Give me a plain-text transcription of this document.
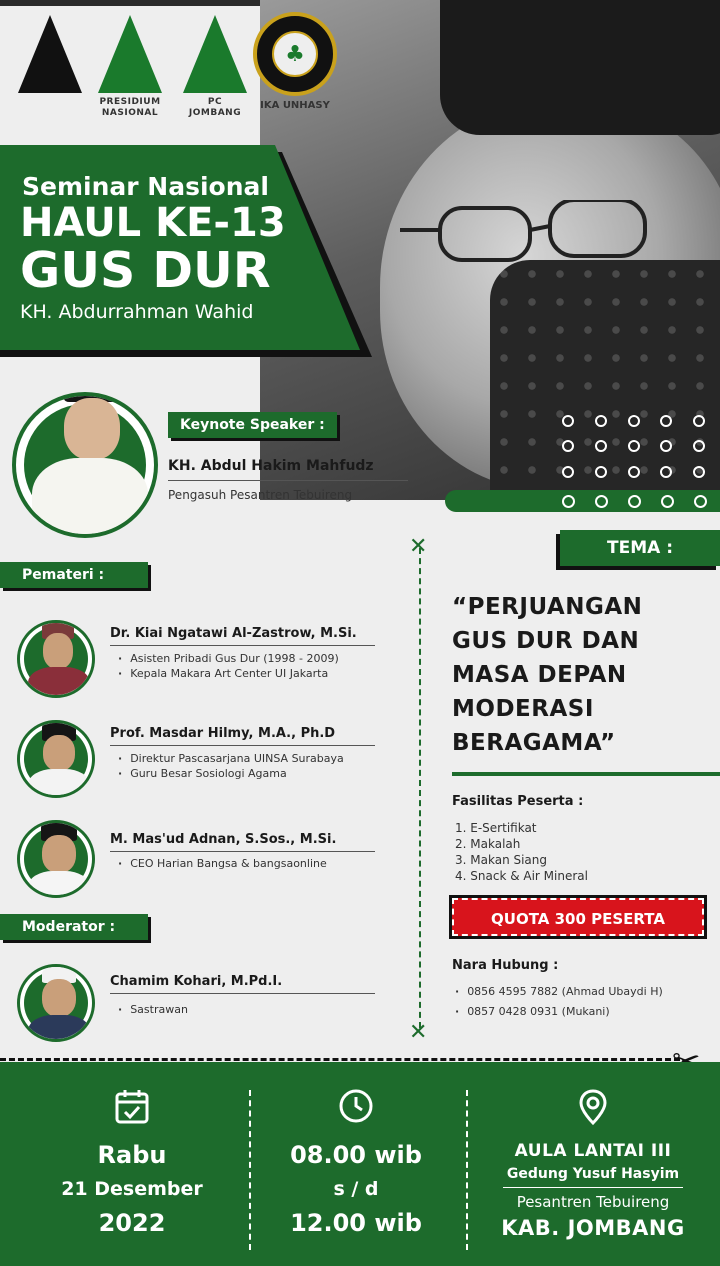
PRESIDIUM NASIONAL
PC JOMBANG
♣
IKA UNHASY
Seminar Nasional
HAUL KE-13
GUS DUR
KH. Abdurrahman Wahid
Keynote Speaker :
KH. Abdul Hakim Mahfudz
Pengasuh Pesantren Tebuireng
Pemateri :
Dr. Kiai Ngatawi Al-Zastrow, M.Si.
· Asisten Pribadi Gus Dur (1998 - 2009)
· Kepala Makara Art Center UI Jakarta
Prof. Masdar Hilmy, M.A., Ph.D
· Direktur Pascasarjana UINSA Surabaya
· Guru Besar Sosiologi Agama
M. Mas'ud Adnan, S.Sos., M.Si.
· CEO Harian Bangsa & bangsaonline
Moderator :
Chamim Kohari, M.Pd.I.
· Sastrawan
✕
✕
TEMA :
“PERJUANGAN
GUS DUR DAN
MASA DEPAN
MODERASI
BERAGAMA”
Fasilitas Peserta :
1. E-Sertifikat
2. Makalah
3. Makan Siang
4. Snack & Air Mineral
QUOTA 300 PESERTA
Nara Hubung :
· 0856 4595 7882 (Ahmad Ubaydi H)
· 0857 0428 0931 (Mukani)
Rabu
21 Desember
2022
08.00 wib
s / d
12.00 wib
AULA LANTAI III
Gedung Yusuf Hasyim
Pesantren Tebuireng
KAB. JOMBANG
